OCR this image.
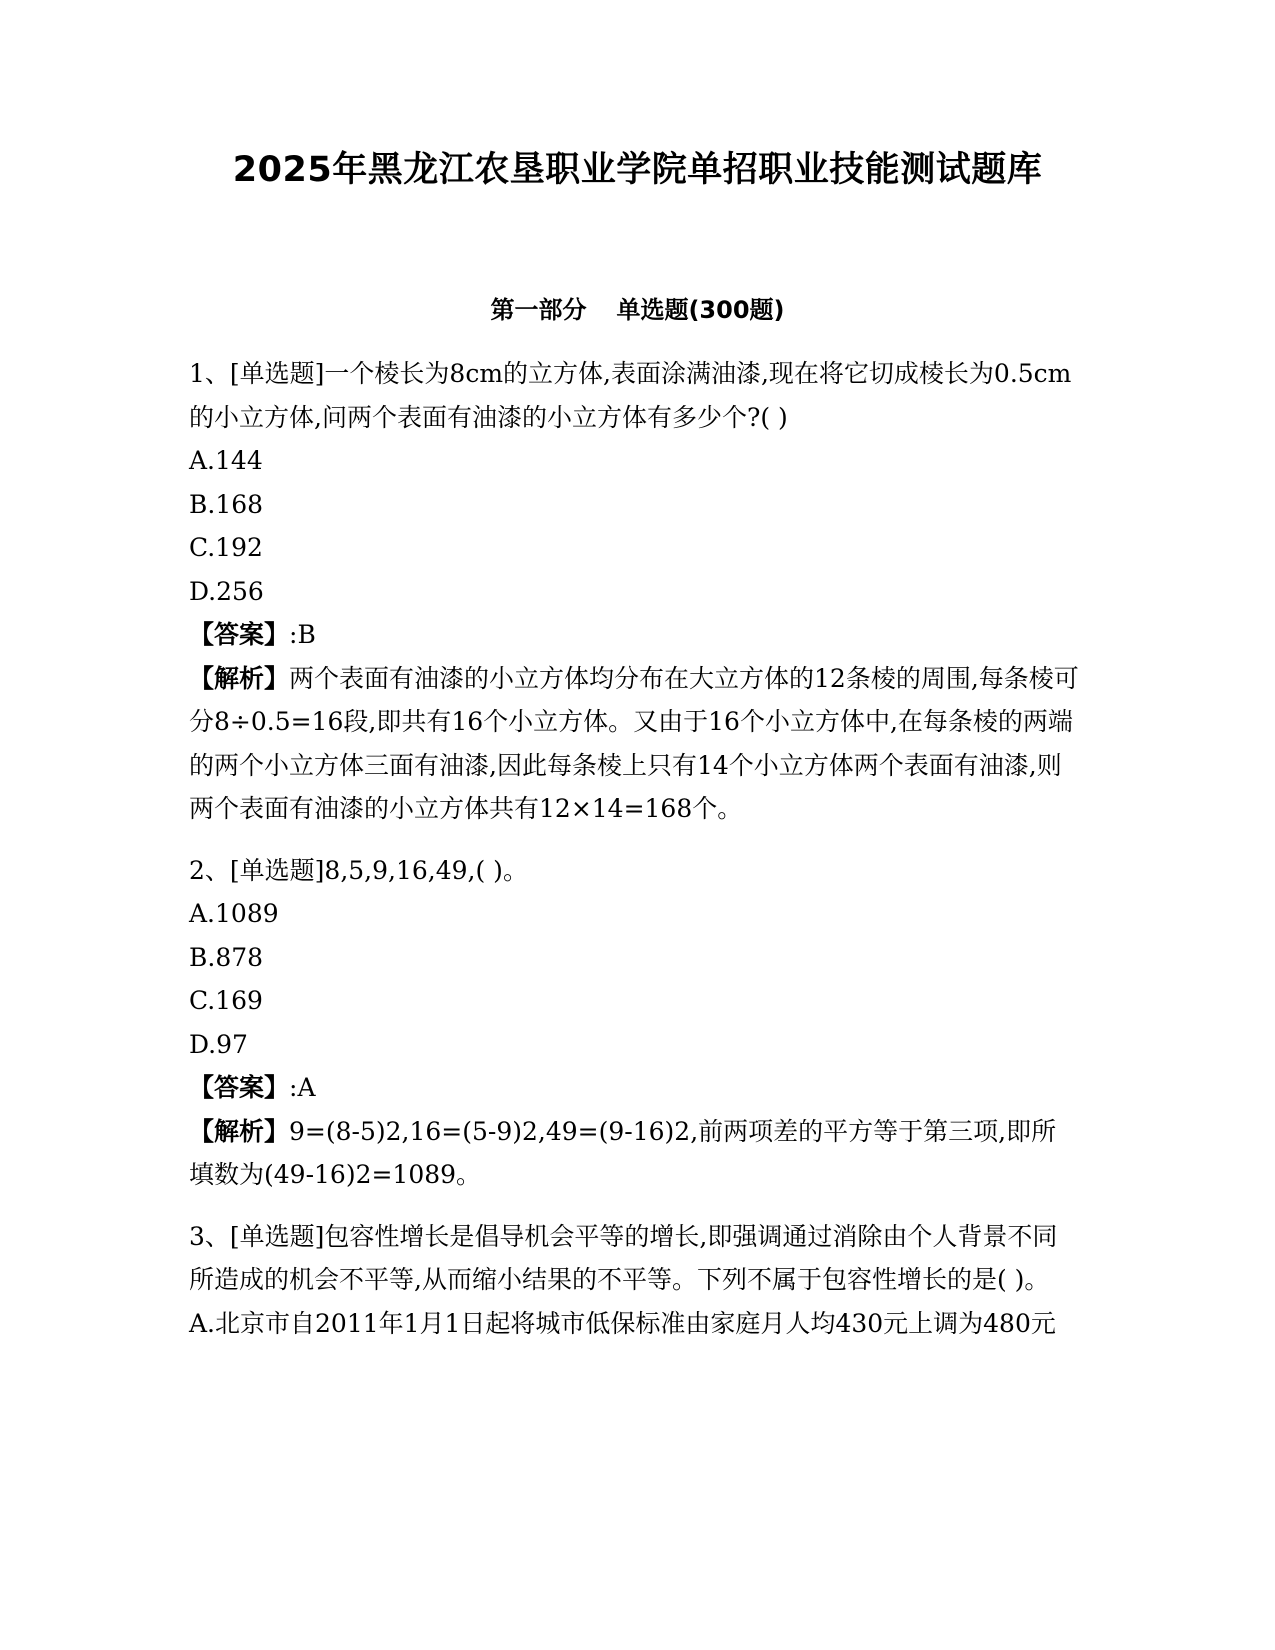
2025年黑龙江农垦职业学院单招职业技能测试题库
第一部分 单选题(300题)
1、[单选题]一个棱长为8cm的立方体,表面涂满油漆,现在将它切成棱长为0.5cm的小立方体,问两个表面有油漆的小立方体有多少个?( )
A.144
B.168
C.192
D.256
【答案】:B
【解析】两个表面有油漆的小立方体均分布在大立方体的12条棱的周围,每条棱可分8÷0.5=16段,即共有16个小立方体。又由于16个小立方体中,在每条棱的两端的两个小立方体三面有油漆,因此每条棱上只有14个小立方体两个表面有油漆,则两个表面有油漆的小立方体共有12×14=168个。
2、[单选题]8,5,9,16,49,( )。
A.1089
B.878
C.169
D.97
【答案】:A
【解析】9=(8-5)2,16=(5-9)2,49=(9-16)2,前两项差的平方等于第三项,即所填数为(49-16)2=1089。
3、[单选题]包容性增长是倡导机会平等的增长,即强调通过消除由个人背景不同所造成的机会不平等,从而缩小结果的不平等。下列不属于包容性增长的是( )。
A.北京市自2011年1月1日起将城市低保标准由家庭月人均430元上调为480元
